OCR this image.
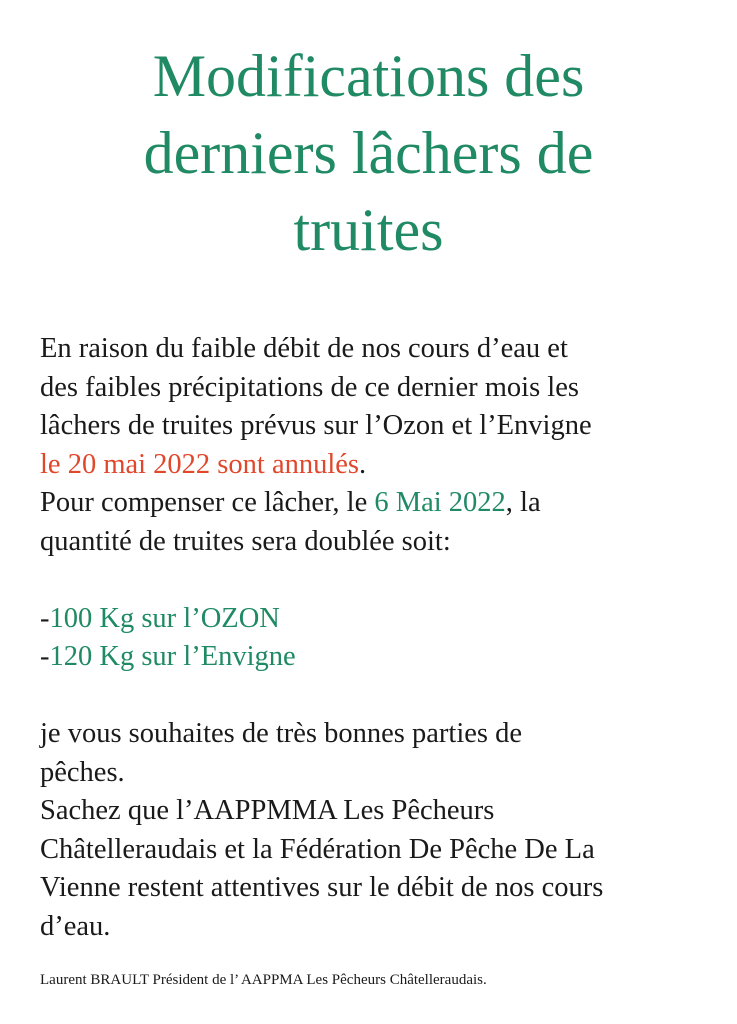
Modifications des
derniers lâchers de
truites
En raison du faible débit de nos cours d’eau et
des faibles précipitations de ce dernier mois les
lâchers de truites prévus sur l’Ozon et l’Envigne
le 20 mai 2022 sont annulés.
Pour compenser ce lâcher, le 6 Mai 2022, la
quantité de truites sera doublée soit:
-100 Kg sur l’OZON
-120 Kg sur l’Envigne
je vous souhaites de très bonnes parties de
pêches.
Sachez que l’AAPPMMA Les Pêcheurs
Châtelleraudais et la Fédération De Pêche De La
Vienne restent attentives sur le débit de nos cours
d’eau.

Laurent BRAULT Président de l’ AAPPMA Les Pêcheurs Châtelleraudais.
